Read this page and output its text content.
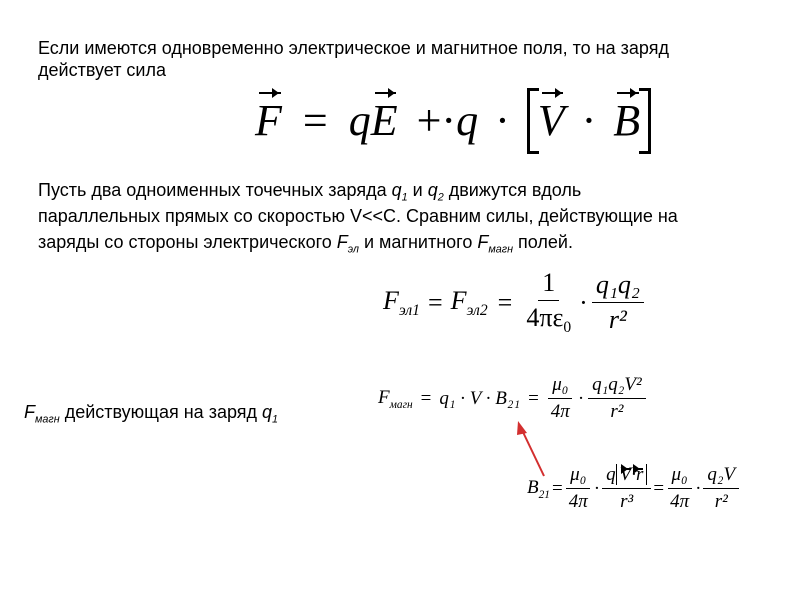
Если имеются одновременно электрическое и магнитное поля, то на заряд
действует сила
F = qE +·q · V · B
Пусть два одноименных точечных заряда $q_1$ и $q_2$ движутся вдоль
параллельных прямых со скоростью V<<C. Сравним силы, действующие на
заряды со стороны электрического $F_{эл}$ и магнитного $F_{магн}$ полей.
$F_{эл1} = F_{эл2} = \frac{1}{4\pi\varepsilon_0} \cdot \frac{\text{q₁q₂}}{\text{r²}}$
$F_{магн}$ действующая на заряд $q_1$
$F_{магн} = q_1 \cdot V \cdot B_{21} = \frac{\text{μ₀}}{4\pi} \cdot \frac{\text{q₁q₂V²}}{\text{r²}}$
$B_{21} = \frac{\text{μ₀}}{4\pi} \cdot \frac{\text{q V·r}}{\text{r³}} = \frac{\text{μ₀}}{4\pi} \cdot \frac{\text{q₂V}}{\text{r²}}$
